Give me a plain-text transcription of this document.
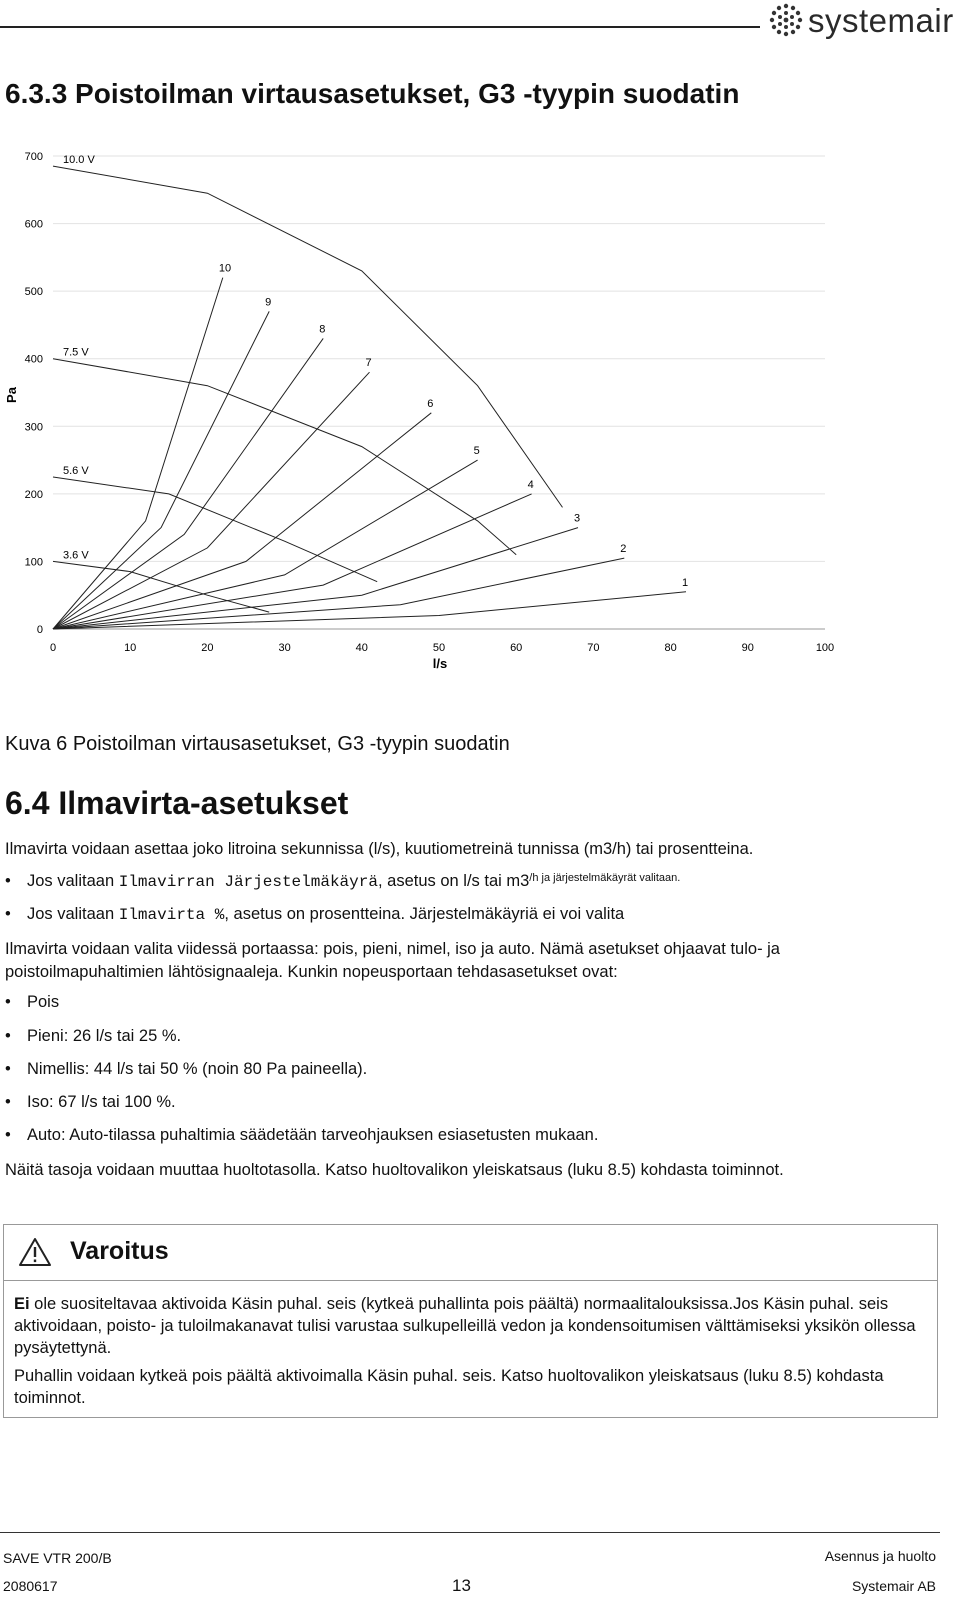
systemair
6.3.3 Poistoilman virtausasetukset, G3 -tyypin suodatin
10
9
8
7
6
5
4
3
2
1
10.0 V
7.5 V
5.6 V
3.6 V
0
100
200
300
400
500
600
700
0	10	20	30	40	50	60	70	80	90	100
l/s
Pa
Kuva 6 Poistoilman virtausasetukset, G3 -tyypin suodatin
6.4 Ilmavirta-asetukset
Ilmavirta voidaan asettaa joko litroina sekunnissa (l/s), kuutiometreinä tunnissa (m3/h) tai prosentteina.
• Jos valitaan Ilmavirran Järjestelmäkäyrä, asetus on l/s tai $m3^{/h ja järjestelmäkäyrät valitaan.}$
• Jos valitaan Ilmavirta %, asetus on prosentteina. Järjestelmäkäyriä ei voi valita
Ilmavirta voidaan valita viidessä portaassa: pois, pieni, nimel, iso ja auto. Nämä asetukset ohjaavat tulo- ja poistoilmapuhaltimien lähtösignaaleja. Kunkin nopeusportaan tehdasasetukset ovat:
• Pois
• Pieni: 26 l/s tai 25 %.
• Nimellis: 44 l/s tai 50 % (noin 80 Pa paineella).
• Iso: 67 l/s tai 100 %.
• Auto: Auto-tilassa puhaltimia säädetään tarveohjauksen esiasetusten mukaan.
Näitä tasoja voidaan muuttaa huoltotasolla. Katso huoltovalikon yleiskatsaus (luku 8.5) kohdasta toiminnot.
Varoitus
Ei ole suositeltavaa aktivoida Käsin puhal. seis (kytkeä puhallinta pois päältä) normaalitalouksissa.Jos Käsin puhal. seis aktivoidaan, poisto- ja tuloilmakanavat tulisi varustaa sulkupelleillä vedon ja kondensoitumisen välttämiseksi yksikön ollessa pysäytettynä.
Puhallin voidaan kytkeä pois päältä aktivoimalla Käsin puhal. seis. Katso huoltovalikon yleiskatsaus (luku 8.5) kohdasta toiminnot.
SAVE VTR 200/B
2080617	13
Asennus ja huolto
Systemair AB
